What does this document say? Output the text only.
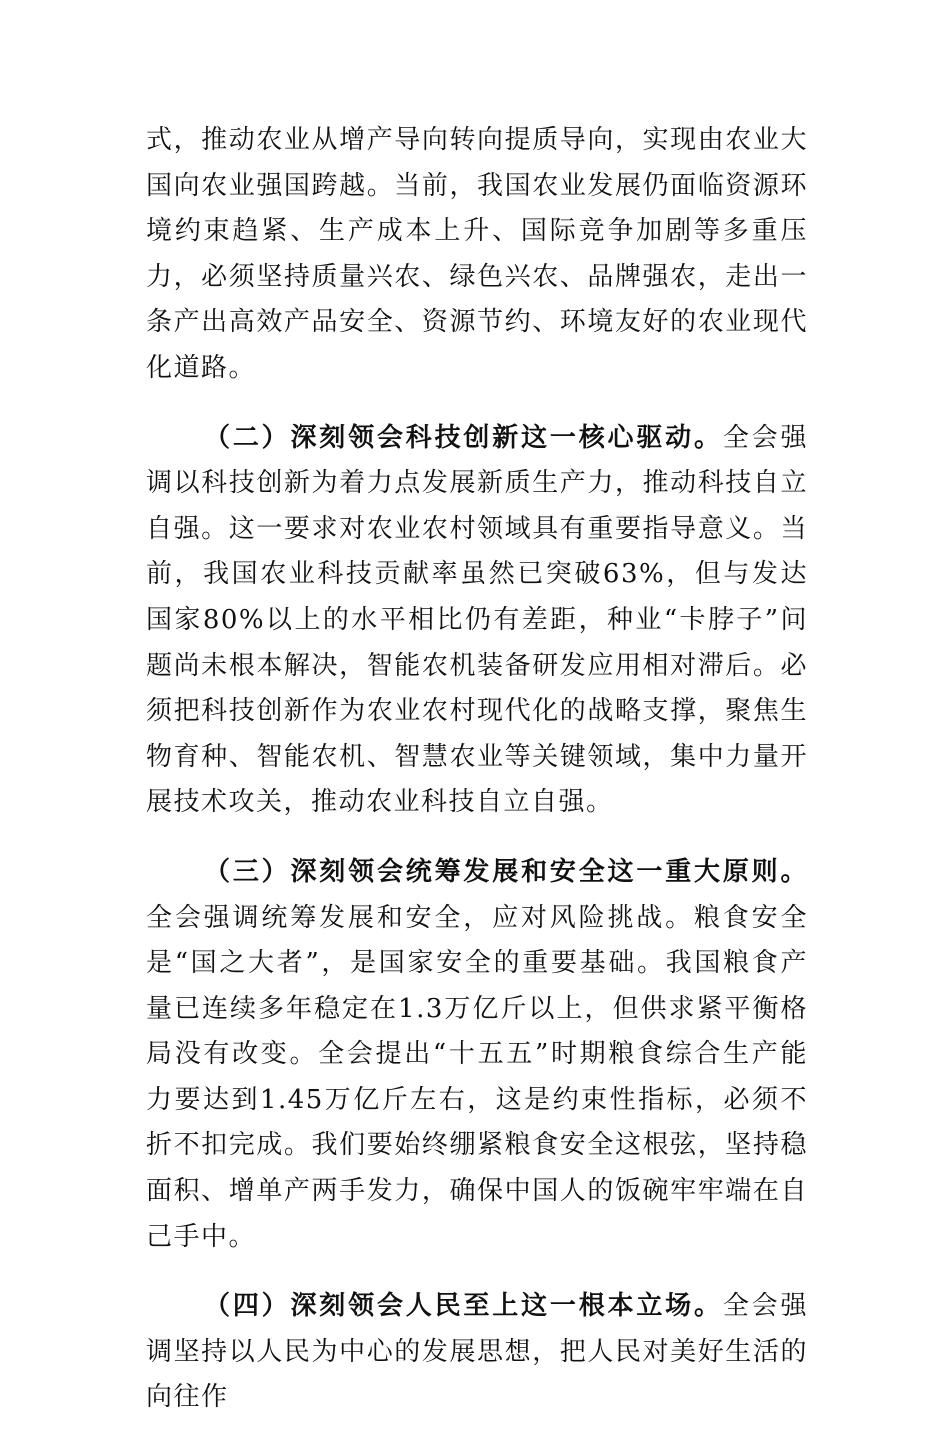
式，推动农业从增产导向转向提质导向，实现由农业大国向农业强国跨越。当前，我国农业发展仍面临资源环境约束趋紧、生产成本上升、国际竞争加剧等多重压力，必须坚持质量兴农、绿色兴农、品牌强农，走出一条产出高效产品安全、资源节约、环境友好的农业现代化道路。

（二）深刻领会科技创新这一核心驱动。全会强调以科技创新为着力点发展新质生产力，推动科技自立自强。这一要求对农业农村领域具有重要指导意义。当前，我国农业科技贡献率虽然已突破63%，但与发达国家80%以上的水平相比仍有差距，种业“卡脖子”问题尚未根本解决，智能农机装备研发应用相对滞后。必须把科技创新作为农业农村现代化的战略支撑，聚焦生物育种、智能农机、智慧农业等关键领域，集中力量开展技术攻关，推动农业科技自立自强。

（三）深刻领会统筹发展和安全这一重大原则。全会强调统筹发展和安全，应对风险挑战。粮食安全是“国之大者”，是国家安全的重要基础。我国粮食产量已连续多年稳定在1.3万亿斤以上，但供求紧平衡格局没有改变。全会提出“十五五”时期粮食综合生产能力要达到1.45万亿斤左右，这是约束性指标，必须不折不扣完成。我们要始终绷紧粮食安全这根弦，坚持稳面积、增单产两手发力，确保中国人的饭碗牢牢端在自己手中。

（四）深刻领会人民至上这一根本立场。全会强调坚持以人民为中心的发展思想，把人民对美好生活的向往作
